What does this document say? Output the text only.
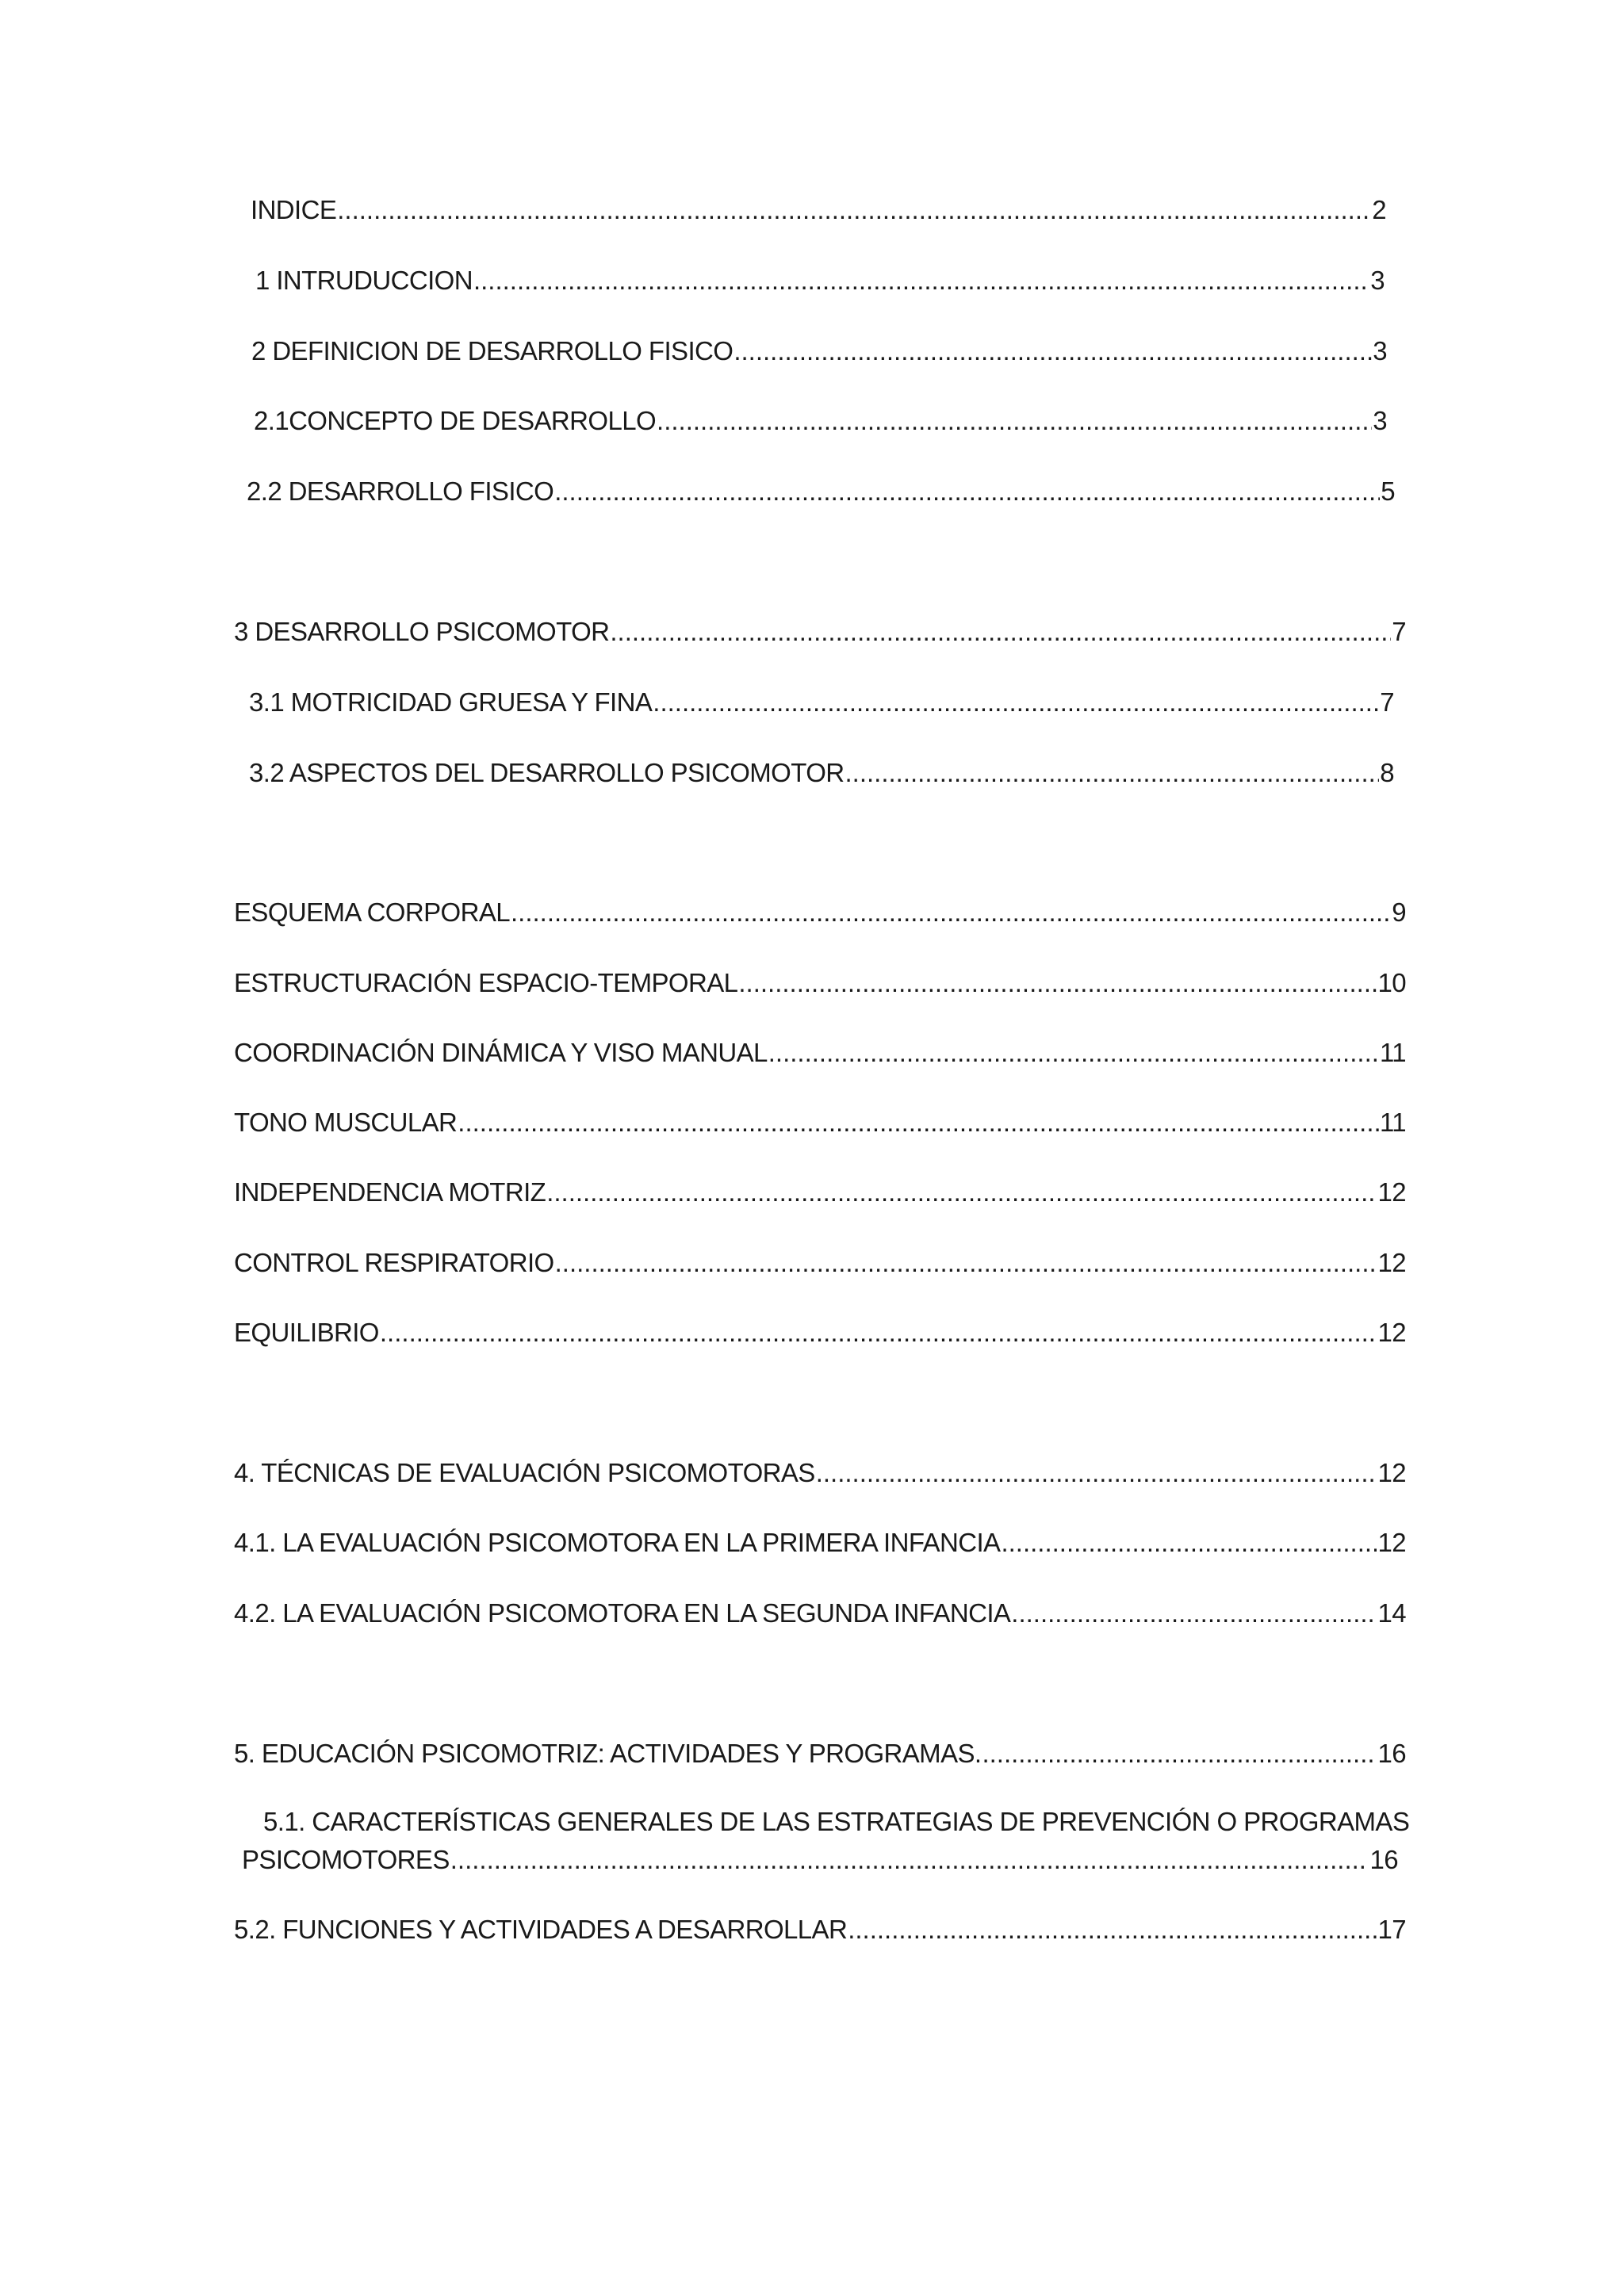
INDICE .....	2
1 INTRUDUCCION .....	3
2 DEFINICION DE DESARROLLO FISICO .....	3
2.1CONCEPTO DE DESARROLLO .....	3
2.2 DESARROLLO FISICO .....	5
3 DESARROLLO PSICOMOTOR .....	7
3.1 MOTRICIDAD GRUESA Y FINA .....	7
3.2 ASPECTOS DEL DESARROLLO PSICOMOTOR .....	8
ESQUEMA CORPORAL .....	9
ESTRUCTURACIÓN ESPACIO-TEMPORAL .....	10
COORDINACIÓN DINÁMICA Y VISO MANUAL .....	11
TONO MUSCULAR .....	11
INDEPENDENCIA MOTRIZ .....	12
CONTROL RESPIRATORIO .....	12
EQUILIBRIO .....	12
4. TÉCNICAS DE EVALUACIÓN PSICOMOTORAS .....	12
4.1. LA EVALUACIÓN PSICOMOTORA EN LA PRIMERA INFANCIA .....	12
4.2. LA EVALUACIÓN PSICOMOTORA EN LA SEGUNDA INFANCIA .....	14
5. EDUCACIÓN PSICOMOTRIZ: ACTIVIDADES Y PROGRAMAS. .....	16
5.1. CARACTERÍSTICAS GENERALES DE LAS ESTRATEGIAS DE PREVENCIÓN O PROGRAMAS
PSICOMOTORES .....	16
5.2. FUNCIONES Y ACTIVIDADES A DESARROLLAR .....	17
